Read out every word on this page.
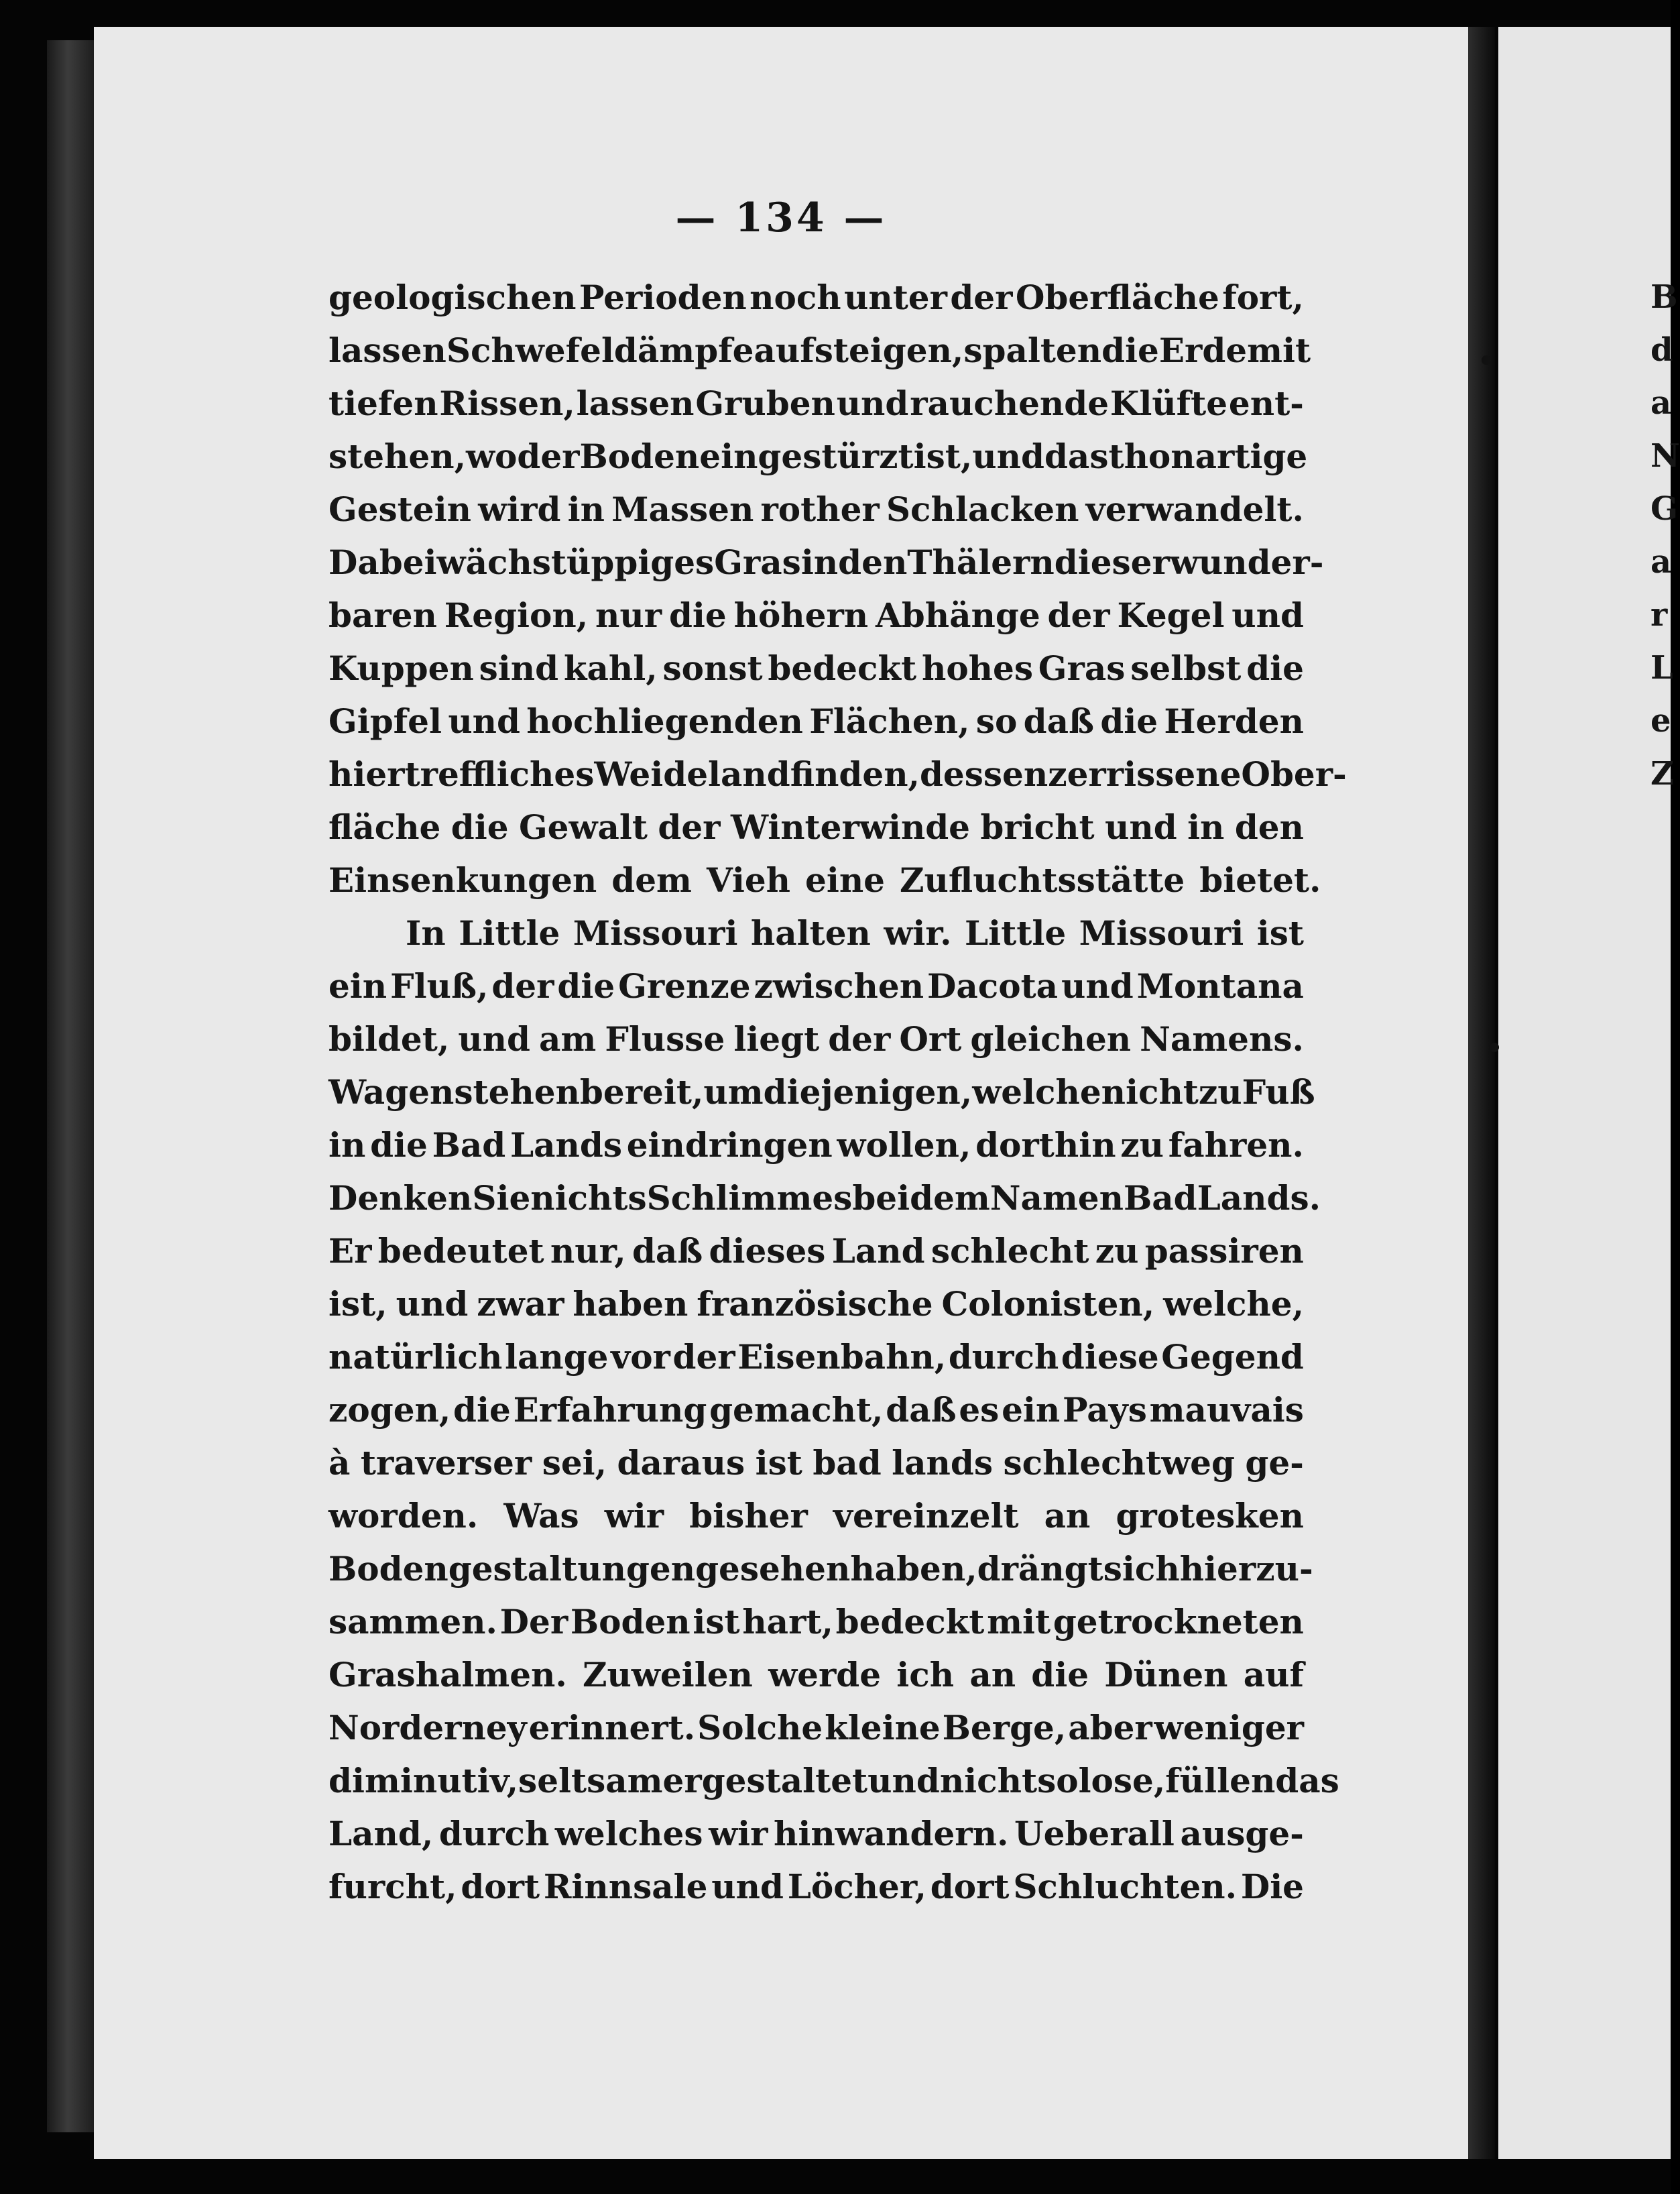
— 134 —
geologischen Perioden noch unter der Oberfläche fort,
lassen Schwefeldämpfe aufsteigen, spalten die Erde mit
tiefen Rissen, lassen Gruben und rauchende Klüfte ent-
stehen, wo der Boden eingestürzt ist, und das thonartige
Gestein wird in Massen rother Schlacken verwandelt.
Dabei wächst üppiges Gras in den Thälern dieser wunder-
baren Region, nur die höhern Abhänge der Kegel und
Kuppen sind kahl, sonst bedeckt hohes Gras selbst die
Gipfel und hochliegenden Flächen, so daß die Herden
hier treffliches Weideland finden, dessen zerrissene Ober-
fläche die Gewalt der Winterwinde bricht und in den
Einsenkungen dem Vieh eine Zufluchtsstätte bietet.
In Little Missouri halten wir. Little Missouri ist
ein Fluß, der die Grenze zwischen Dacota und Montana
bildet, und am Flusse liegt der Ort gleichen Namens.
Wagen stehen bereit, um diejenigen, welche nicht zu Fuß
in die Bad Lands eindringen wollen, dorthin zu fahren.
Denken Sie nichts Schlimmes bei dem Namen Bad Lands.
Er bedeutet nur, daß dieses Land schlecht zu passiren
ist, und zwar haben französische Colonisten, welche,
natürlich lange vor der Eisenbahn, durch diese Gegend
zogen, die Erfahrung gemacht, daß es ein Pays mauvais
à traverser sei, daraus ist bad lands schlechtweg ge-
worden. Was wir bisher vereinzelt an grotesken
Bodengestaltungen gesehen haben, drängt sich hier zu-
sammen. Der Boden ist hart, bedeckt mit getrockneten
Grashalmen. Zuweilen werde ich an die Dünen auf
Norderney erinnert. Solche kleine Berge, aber weniger
diminutiv, seltsamer gestaltet und nicht so lose, füllen das
Land, durch welches wir hinwandern. Ueberall ausge-
furcht, dort Rinnsale und Löcher, dort Schluchten. Die
B
d
a
N
G
a
r
L
e
Z
